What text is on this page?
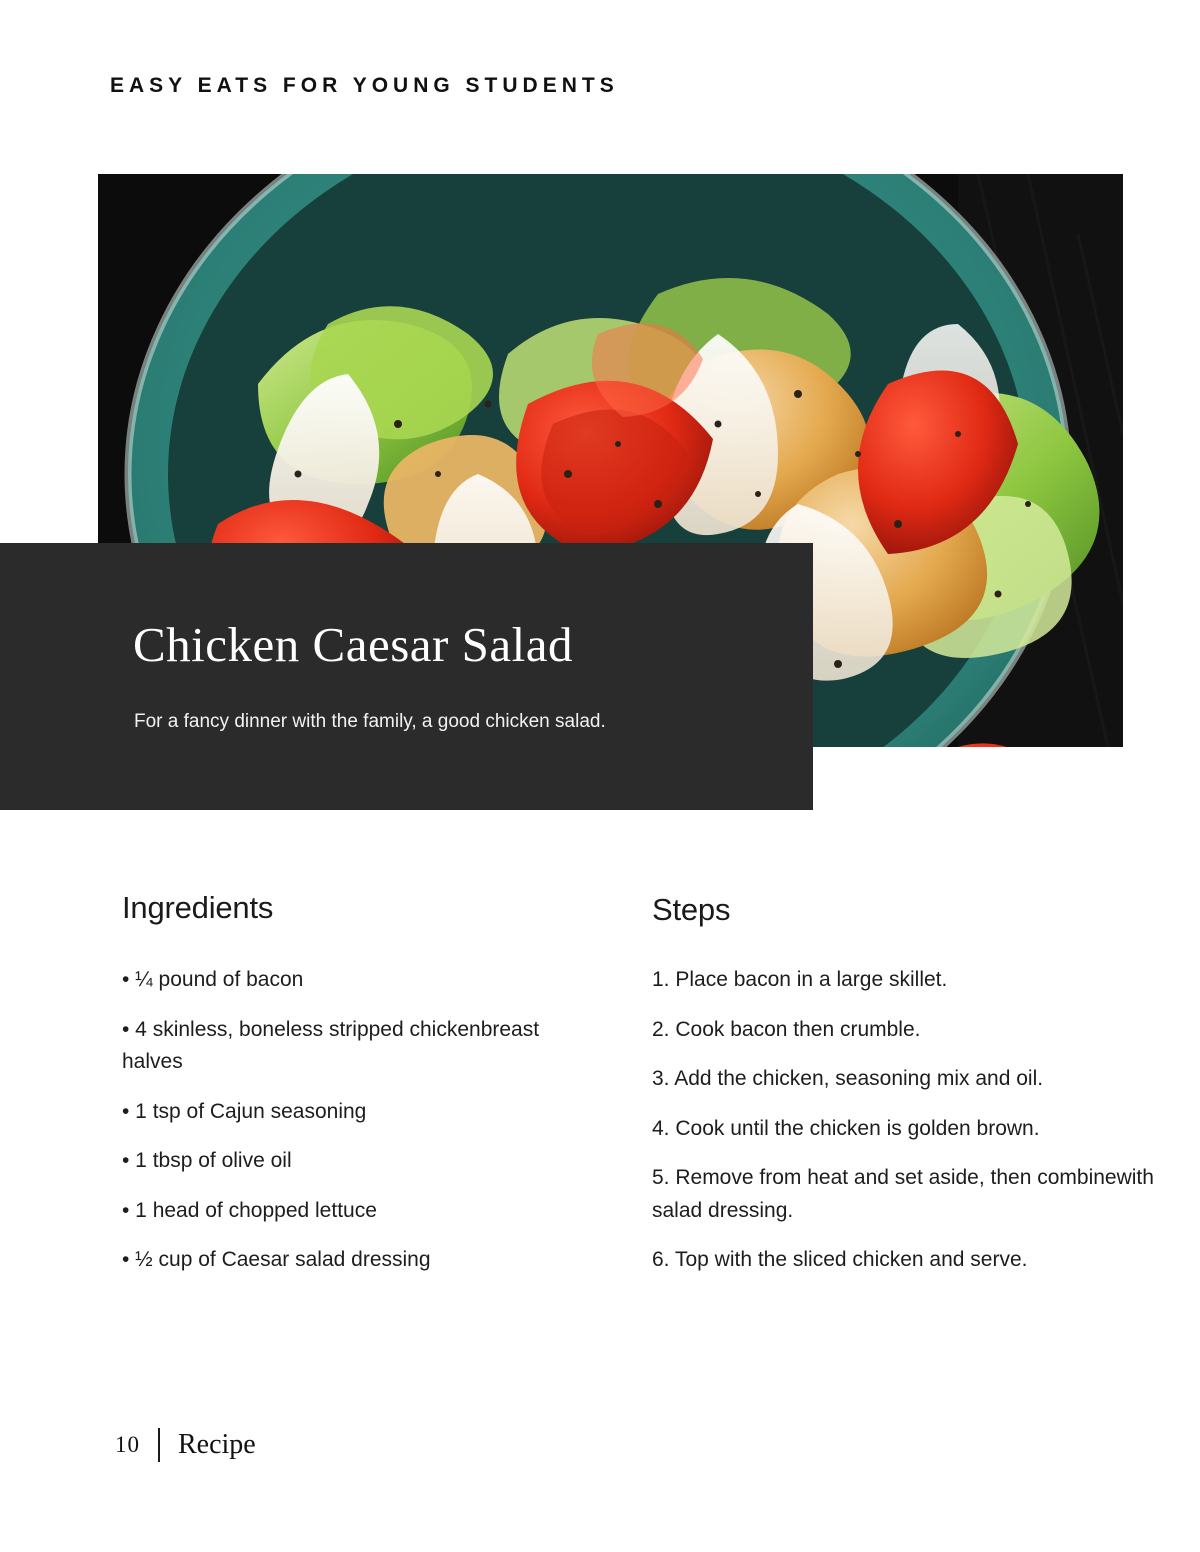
EASY EATS FOR YOUNG STUDENTS
Chicken Caesar Salad
For a fancy dinner with the family, a good chicken salad.
Ingredients
• ¼ pound of bacon
• 4 skinless, boneless stripped chickenbreast halves
• 1 tsp of Cajun seasoning
• 1 tbsp of olive oil
• 1 head of chopped lettuce
• ½ cup of Caesar salad dressing
Steps
1. Place bacon in a large skillet.
2. Cook bacon then crumble.
3. Add the chicken, seasoning mix and oil.
4. Cook until the chicken is golden brown.
5. Remove from heat and set aside, then combinewith salad dressing.
6. Top with the sliced chicken and serve.
10 Recipe
